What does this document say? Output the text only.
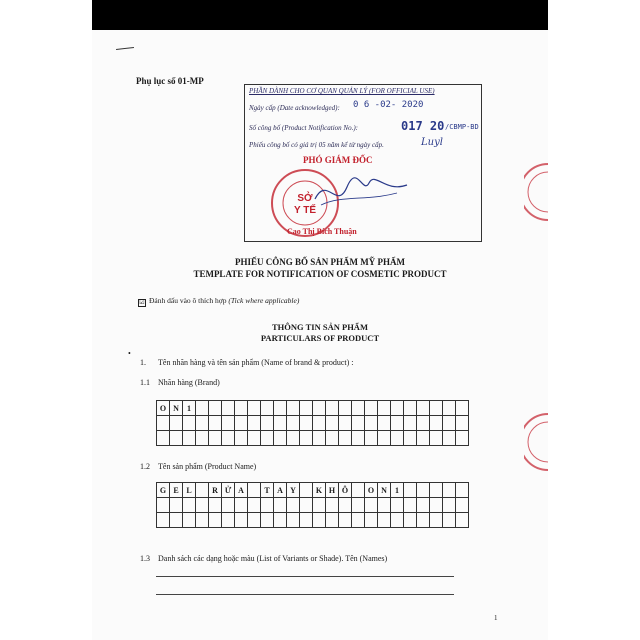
Phụ lục số 01-MP
PHẦN DÀNH CHO CƠ QUAN QUẢN LÝ (FOR OFFICIAL USE)
Ngày cấp (Date acknowledged): 0 6 -02- 2020
Số công bố (Product Notification No.):	017 20 /CBMP-BD
Phiếu công bố có giá trị 05 năm kể từ ngày cấp.	Luyl
PHÓ GIÁM ĐỐC
SỞ
Y TẾ
Cao Thị Bích Thuận
PHIẾU CÔNG BỐ SẢN PHẨM MỸ PHẨM
TEMPLATE FOR NOTIFICATION OF COSMETIC PRODUCT
☑ Đánh dấu vào ô thích hợp (Tick where applicable)
THÔNG TIN SẢN PHẨM
PARTICULARS OF PRODUCT
•
1. Tên nhãn hàng và tên sản phẩm (Name of brand & product) :
1.1 Nhãn hàng (Brand)
O	N	1																					

1.2 Tên sản phẩm (Product Name)
G	E	L		R	Ử	A		T	A	Y		K	H	Ô		O	N	1					

1.3 Danh sách các dạng hoặc màu (List of Variants or Shade). Tên (Names)
1
